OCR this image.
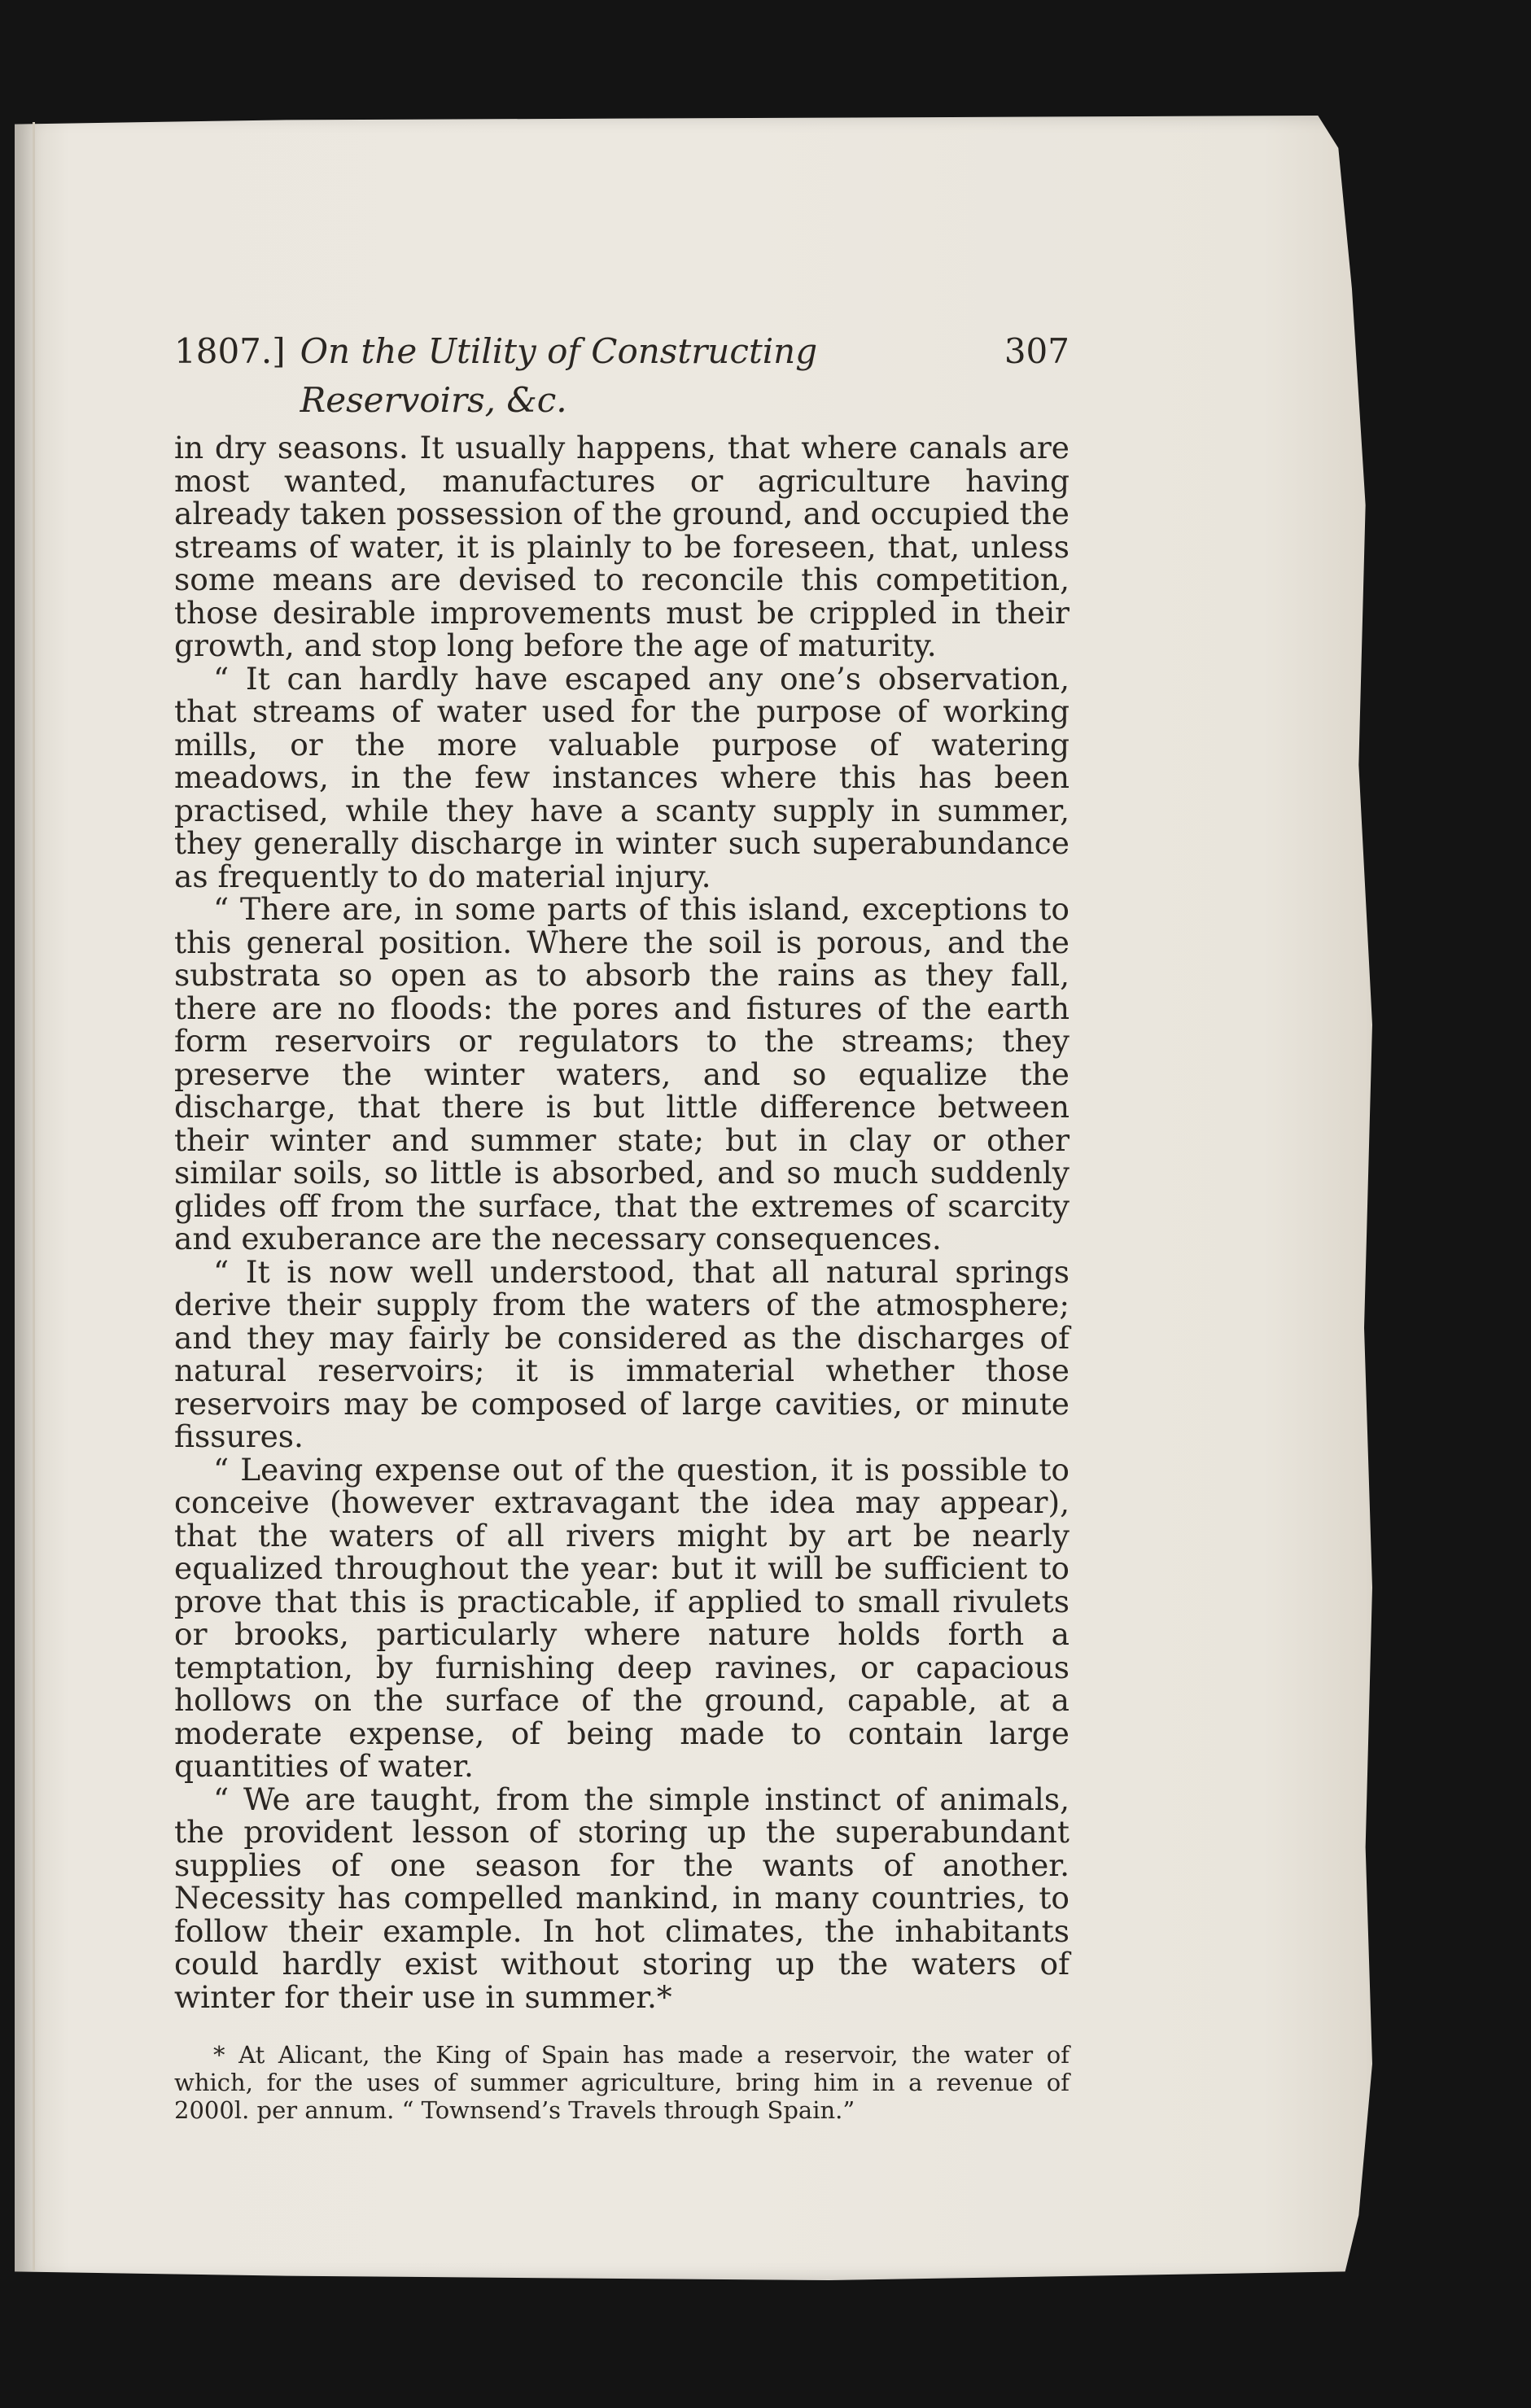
1807.] On the Utility of Constructing Reservoirs, &c.
307

in dry seasons. It usually happens, that where canals are most wanted, manufactures or agriculture having already taken possession of the ground, and occupied the streams of water, it is plainly to be foreseen, that, unless some means are devised to reconcile this competition, those desirable improvements must be crippled in their growth, and stop long before the age of maturity.

“ It can hardly have escaped any one’s observation, that streams of water used for the purpose of working mills, or the more valuable purpose of watering meadows, in the few instances where this has been practised, while they have a scanty supply in summer, they generally discharge in winter such superabundance as frequently to do material injury.

“ There are, in some parts of this island, exceptions to this general position. Where the soil is porous, and the substrata so open as to absorb the rains as they fall, there are no floods: the pores and fistures of the earth form reservoirs or regulators to the streams; they preserve the winter waters, and so equalize the discharge, that there is but little difference between their winter and summer state; but in clay or other similar soils, so little is absorbed, and so much suddenly glides off from the surface, that the extremes of scarcity and exuberance are the necessary consequences.

“ It is now well understood, that all natural springs derive their supply from the waters of the atmosphere; and they may fairly be considered as the discharges of natural reservoirs; it is immaterial whether those reservoirs may be composed of large cavities, or minute fissures.

“ Leaving expense out of the question, it is possible to conceive (however extravagant the idea may appear), that the waters of all rivers might by art be nearly equalized throughout the year: but it will be sufficient to prove that this is practicable, if applied to small rivulets or brooks, particularly where nature holds forth a temptation, by furnishing deep ravines, or capacious hollows on the surface of the ground, capable, at a moderate expense, of being made to contain large quantities of water.

“ We are taught, from the simple instinct of animals, the provident lesson of storing up the superabundant supplies of one season for the wants of another. Necessity has compelled mankind, in many countries, to follow their example. In hot climates, the inhabitants could hardly exist without storing up the waters of winter for their use in summer.*

* At Alicant, the King of Spain has made a reservoir, the water of which, for the uses of summer agriculture, bring him in a revenue of 2000l. per annum. “ Townsend’s Travels through Spain.”
